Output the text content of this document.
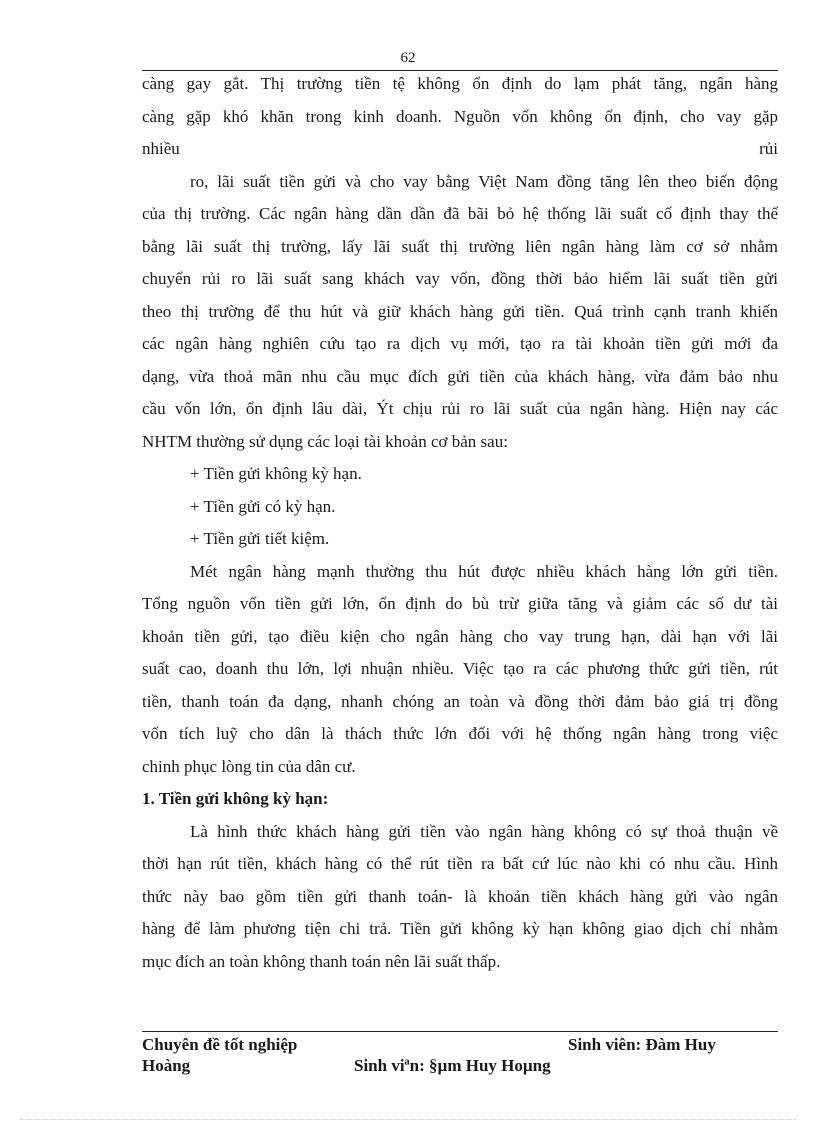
62
càng gay gắt. Thị trường tiền tệ không ổn định do lạm phát tăng, ngân hàng
càng gặp khó khăn trong kinh doanh. Nguồn vốn không ổn định, cho vay gặp
nhiều	rủi
ro, lãi suất tiền gửi và cho vay bằng Việt Nam đồng tăng lên theo biến động
của thị trường. Các ngân hàng dần dần đã bãi bỏ hệ thống lãi suất cố định thay thế
bằng lãi suất thị trường, lấy lãi suất thị trường liên ngân hàng làm cơ sở nhằm
chuyển rủi ro lãi suất sang khách vay vốn, đồng thời bảo hiểm lãi suất tiền gửi
theo thị trường để thu hút và giữ khách hàng gửi tiền. Quá trình cạnh tranh khiến
các ngân hàng nghiên cứu tạo ra dịch vụ mới, tạo ra tài khoản tiền gửi mới đa
dạng, vừa thoả mãn nhu cầu mục đích gửi tiền của khách hàng, vừa đảm bảo nhu
cầu vốn lớn, ổn định lâu dài, Ýt chịu rủi ro lãi suất của ngân hàng. Hiện nay các
NHTM thường sử dụng các loại tài khoản cơ bản sau:
+ Tiền gửi không kỳ hạn.
+ Tiền gửi có kỳ hạn.
+ Tiền gửi tiết kiệm.
Mét ngân hàng mạnh thường thu hút được nhiều khách hàng lớn gửi tiền.
Tổng nguồn vốn tiền gửi lớn, ổn định do bù trừ giữa tăng và giảm các số dư tài
khoản tiền gửi, tạo điều kiện cho ngân hàng cho vay trung hạn, dài hạn với lãi
suất cao, doanh thu lớn, lợi nhuận nhiều. Việc tạo ra các phương thức gửi tiền, rút
tiền, thanh toán đa dạng, nhanh chóng an toàn và đồng thời đảm bảo giá trị đồng
vốn tích luỹ cho dân là thách thức lớn đối với hệ thống ngân hàng trong việc
chinh phục lòng tin của dân cư.
1. Tiền gửi không kỳ hạn:
Là hình thức khách hàng gửi tiền vào ngân hàng không có sự thoả thuận về
thời hạn rút tiền, khách hàng có thể rút tiền ra bất cứ lúc nào khi có nhu cầu. Hình
thức này bao gồm tiền gửi thanh toán- là khoản tiền khách hàng gửi vào ngân
hàng để làm phương tiện chi trả. Tiền gửi không kỳ hạn không giao dịch chỉ nhằm
mục đích an toàn không thanh toán nên lãi suất thấp.
Chuyên đề tốt nghiệp	Sinh viên: Đàm Huy
Hoàng	Sinh viªn: §µm Huy Hoµng
